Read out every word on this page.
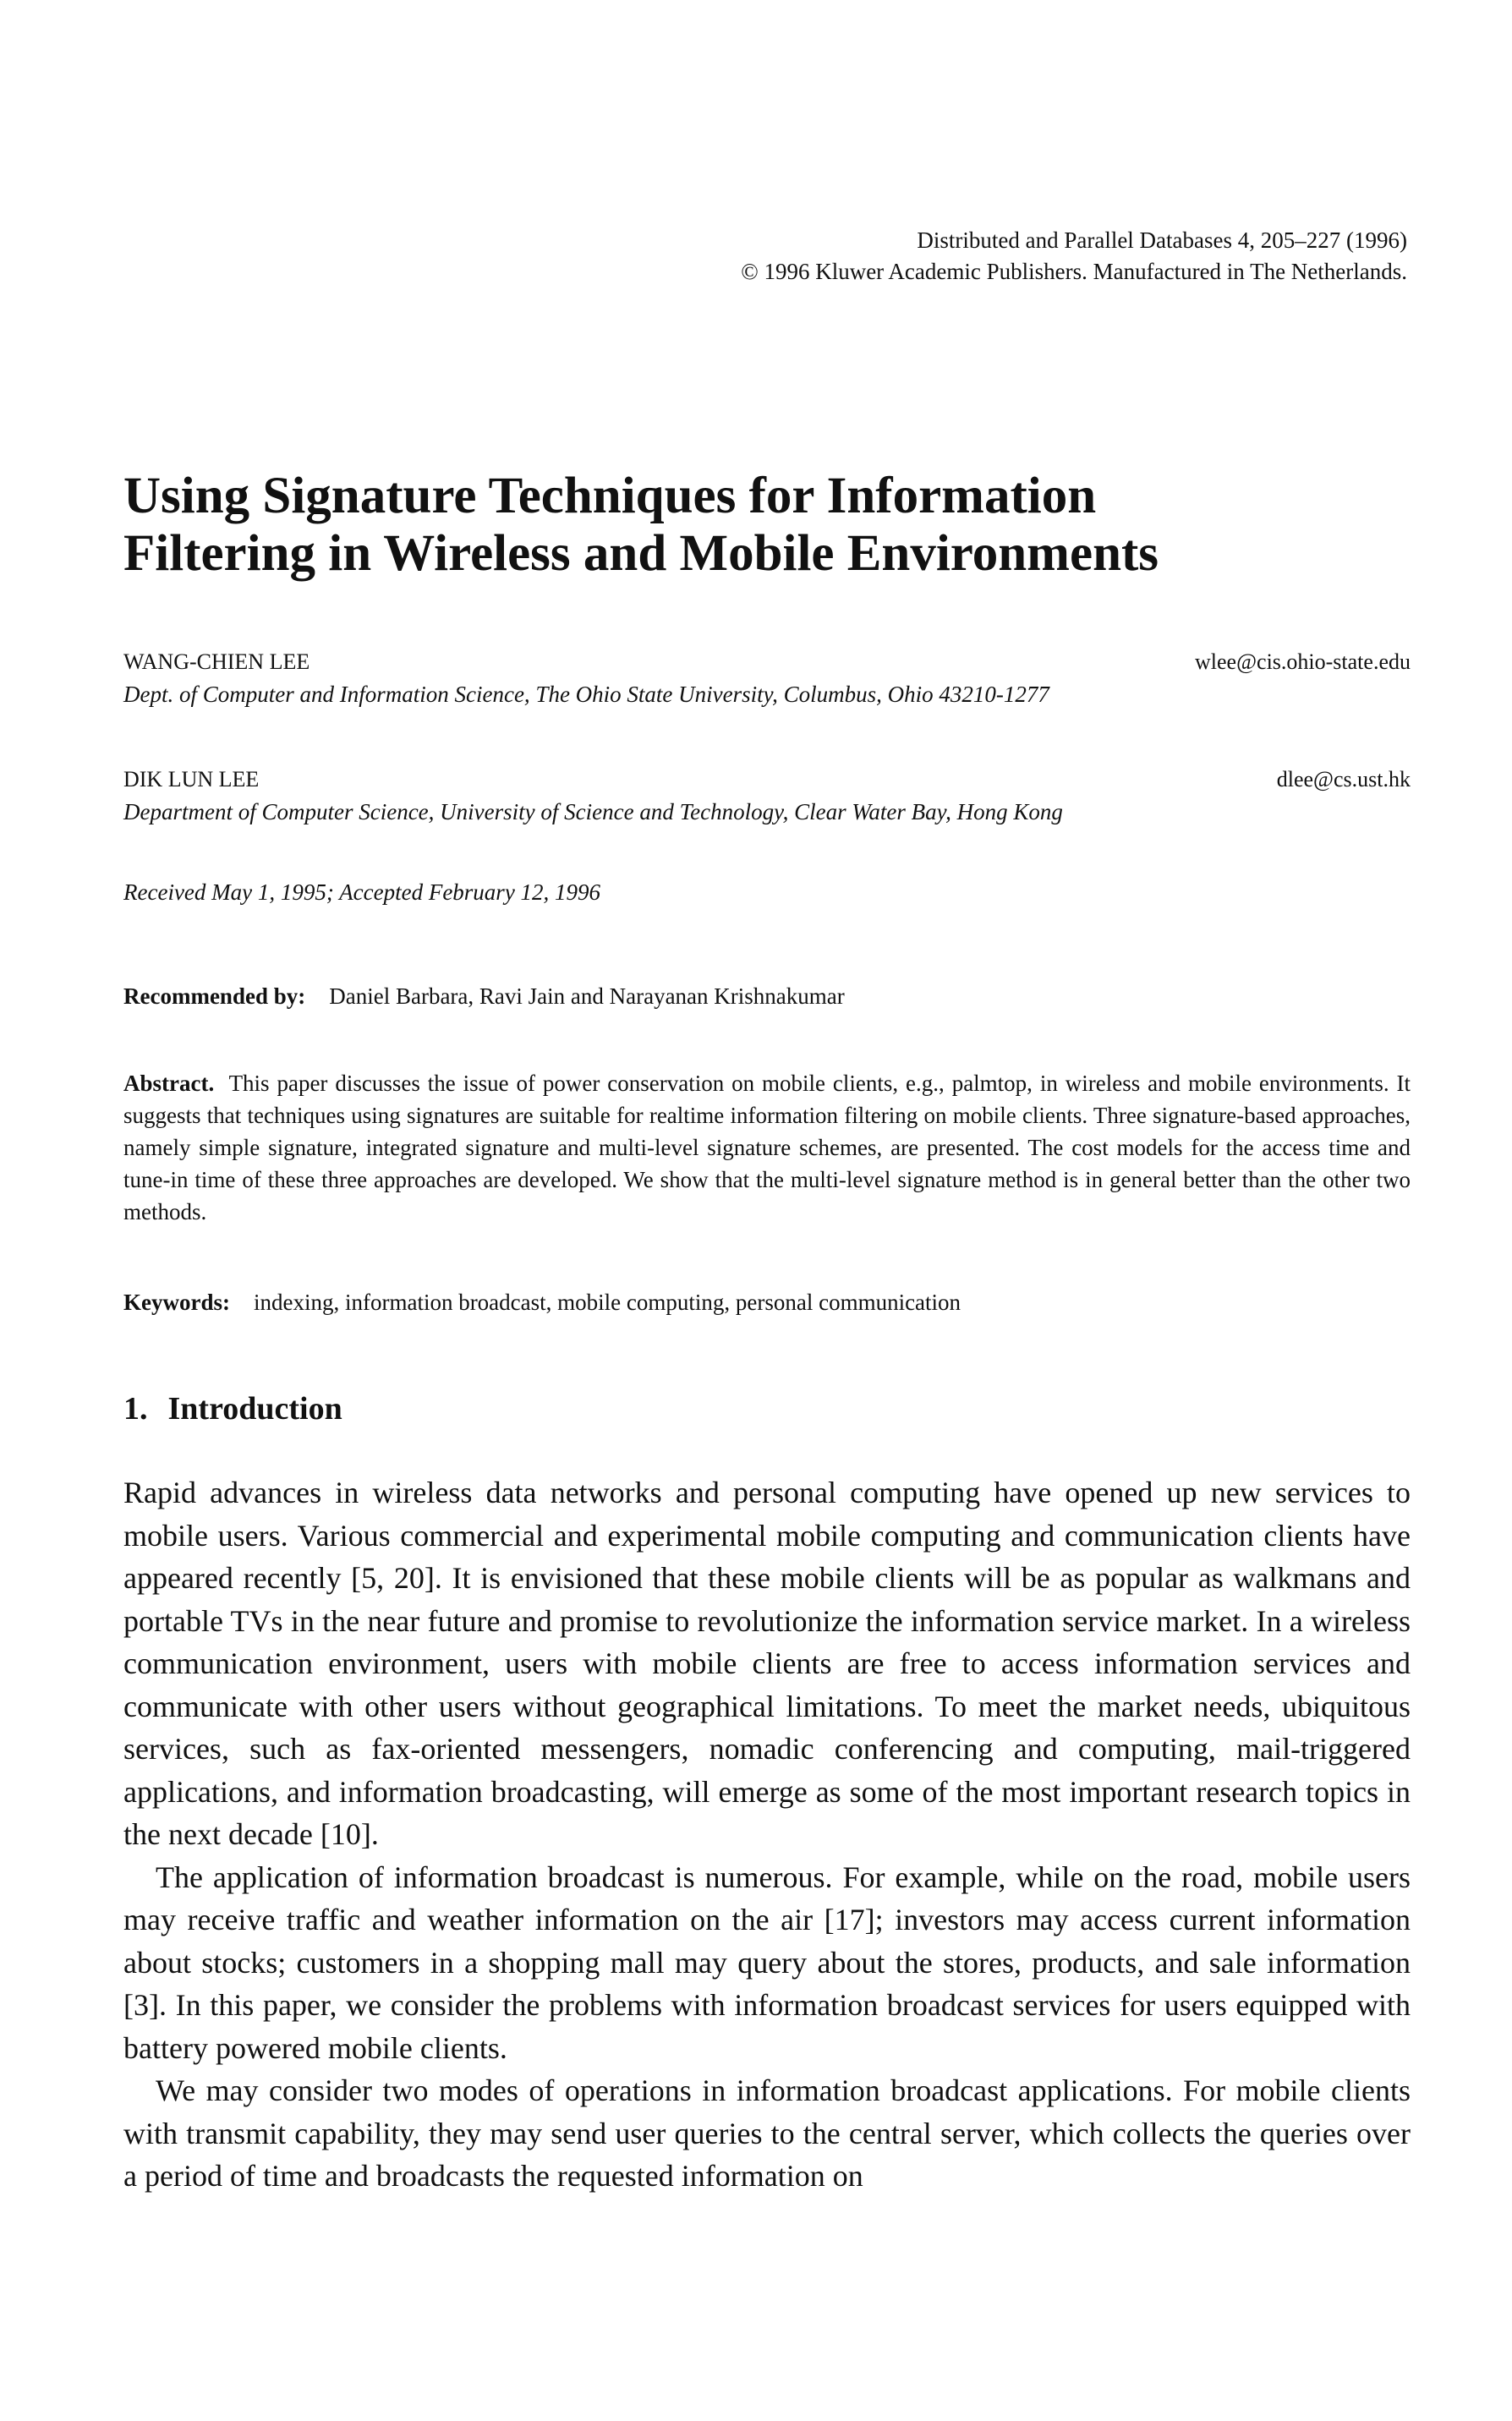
Distributed and Parallel Databases 4, 205–227 (1996)
© 1996 Kluwer Academic Publishers. Manufactured in The Netherlands.
Using Signature Techniques for Information
Filtering in Wireless and Mobile Environments
WANG-CHIEN LEE	wlee@cis.ohio-state.edu
Dept. of Computer and Information Science, The Ohio State University, Columbus, Ohio 43210-1277
DIK LUN LEE	dlee@cs.ust.hk
Department of Computer Science, University of Science and Technology, Clear Water Bay, Hong Kong
Received May 1, 1995; Accepted February 12, 1996
Recommended by: Daniel Barbara, Ravi Jain and Narayanan Krishnakumar

Abstract. This paper discusses the issue of power conservation on mobile clients, e.g., palmtop, in wireless and mobile environments. It suggests that techniques using signatures are suitable for realtime information filtering on mobile clients. Three signature-based approaches, namely simple signature, integrated signature and multi-level signature schemes, are presented. The cost models for the access time and tune-in time of these three approaches are developed. We show that the multi-level signature method is in general better than the other two methods.

Keywords: indexing, information broadcast, mobile computing, personal communication
1. Introduction

Rapid advances in wireless data networks and personal computing have opened up new services to mobile users. Various commercial and experimental mobile computing and communication clients have appeared recently [5, 20]. It is envisioned that these mobile clients will be as popular as walkmans and portable TVs in the near future and promise to revolutionize the information service market. In a wireless communication environment, users with mobile clients are free to access information services and communicate with other users without geographical limitations. To meet the market needs, ubiquitous services, such as fax-oriented messengers, nomadic conferencing and computing, mail-triggered applications, and information broadcasting, will emerge as some of the most important research topics in the next decade [10].

The application of information broadcast is numerous. For example, while on the road, mobile users may receive traffic and weather information on the air [17]; investors may access current information about stocks; customers in a shopping mall may query about the stores, products, and sale information [3]. In this paper, we consider the problems with information broadcast services for users equipped with battery powered mobile clients.

We may consider two modes of operations in information broadcast applications. For mobile clients with transmit capability, they may send user queries to the central server, which collects the queries over a period of time and broadcasts the requested information on
